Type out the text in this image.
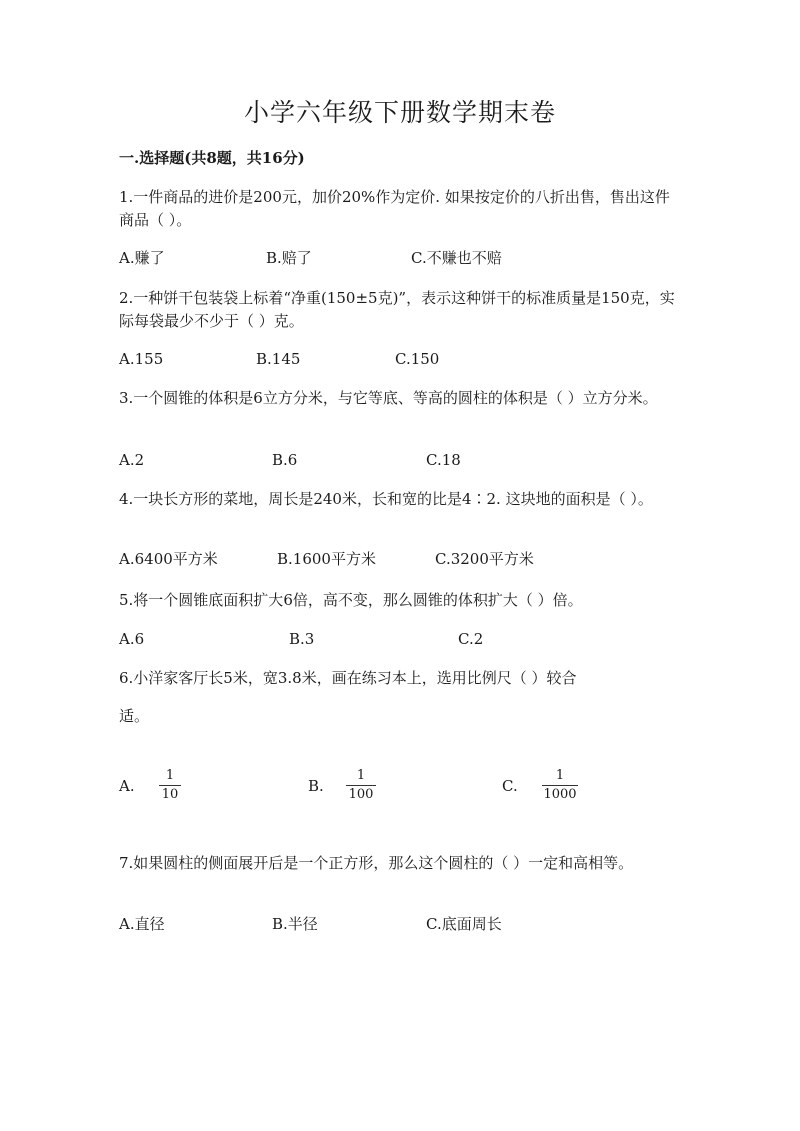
小学六年级下册数学期末卷
一.选择题(共8题，共16分)
1.一件商品的进价是200元，加价20%作为定价. 如果按定价的八折出售，售出这件商品（ ）。
A.赚了	B.赔了	C.不赚也不赔
2.一种饼干包装袋上标着“净重(150±5克)”，表示这种饼干的标准质量是150克，实际每袋最少不少于（ ）克。
A.155	B.145	C.150
3.一个圆锥的体积是6立方分米，与它等底、等高的圆柱的体积是（ ）立方分米。
A.2	B.6	C.18
4.一块长方形的菜地，周长是240米，长和宽的比是4∶2. 这块地的面积是（ ）。
A.6400平方米	B.1600平方米	C.3200平方米
5.将一个圆锥底面积扩大6倍，高不变，那么圆锥的体积扩大（ ）倍。
A.6	B.3	C.2
6.小洋家客厅长5米，宽3.8米，画在练习本上，选用比例尺（ ）较合
适。
A.
1
10	B.
1
100	C.
1
1000
7.如果圆柱的侧面展开后是一个正方形，那么这个圆柱的（ ）一定和高相等。
A.直径	B.半径	C.底面周长
